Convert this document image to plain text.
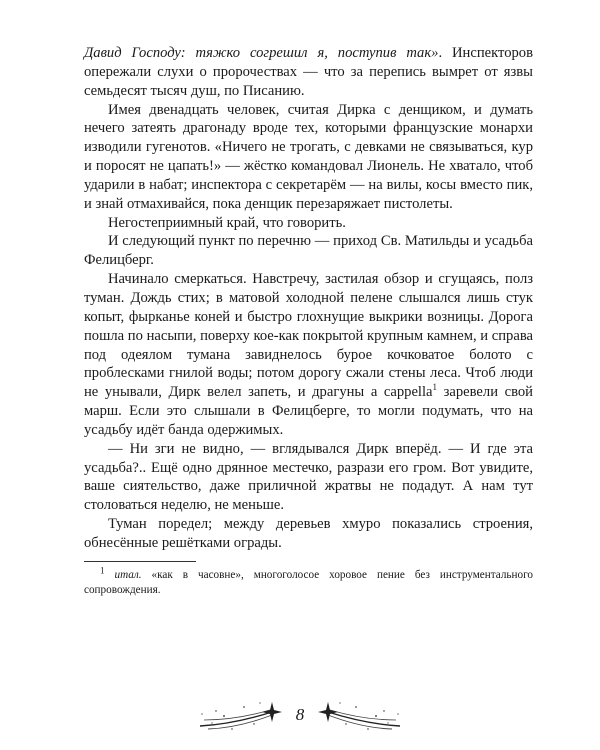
Давид Господу: тяжко согрешил я, поступив так». Инспекторов опережали слухи о пророчествах — что за перепись вымрет от язвы семьдесят тысяч душ, по Писанию.

Имея двенадцать человек, считая Дирка с денщиком, и думать нечего затеять драгонаду вроде тех, которыми французские монархи изводили гугенотов. «Ничего не трогать, с девками не связываться, кур и поросят не цапать!» — жёстко командовал Лионель. Не хватало, чтоб ударили в набат; инспектора с секретарём — на вилы, косы вместо пик, и знай отмахивайся, пока денщик перезаряжает пистолеты.

Негостеприимный край, что говорить.

И следующий пункт по перечню — приход Св. Матильды и усадьба Фелицберг.

Начинало смеркаться. Навстречу, застилая обзор и сгущаясь, полз туман. Дождь стих; в матовой холодной пелене слышался лишь стук копыт, фырканье коней и быстро глохнущие выкрики возницы. Дорога пошла по насыпи, поверху кое-как покрытой крупным камнем, и справа под одеялом тумана завиднелось бурое кочковатое болото с проблесками гнилой воды; потом дорогу сжали стены леса. Чтоб люди не унывали, Дирк велел запеть, и драгуны a cappella$^1$ заревели свой марш. Если это слышали в Фелицберге, то могли подумать, что на усадьбу идёт банда одержимых.

— Ни зги не видно, — вглядывался Дирк вперёд. — И где эта усадьба?.. Ещё одно дрянное местечко, разрази его гром. Вот увидите, ваше сиятельство, даже приличной жратвы не подадут. А нам тут столоваться неделю, не меньше.

Туман поредел; между деревьев хмуро показались строения, обнесённые решётками ограды.

$^1$ итал. «как в часовне», многоголосое хоровое пение без инструментального сопровождения.

8
